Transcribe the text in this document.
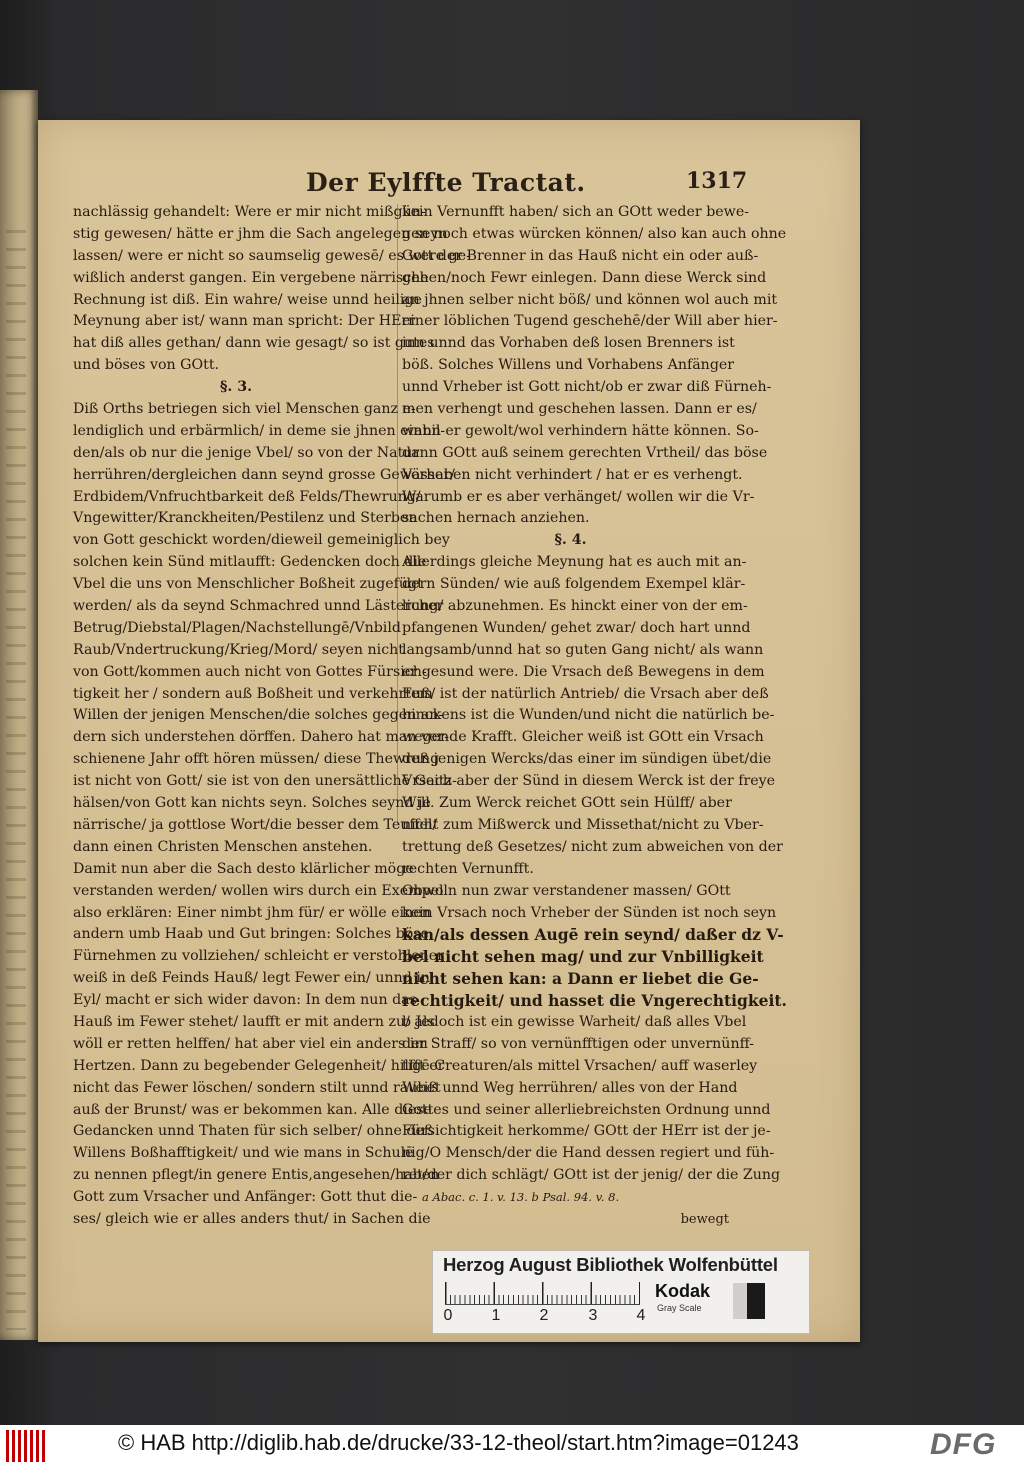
Der Eylffte Tractat.	1317
nachlässig gehandelt: Were er mir nicht mißgün-
stig gewesen/ hätte er jhm die Sach angelegen seyn
lassen/ were er nicht so saumselig gewesē/ es were ge-
wißlich anderst gangen. Ein vergebene närrische
Rechnung ist diß. Ein wahre/ weise unnd heilige
Meynung aber ist/ wann man spricht: Der HErr
hat diß alles gethan/ dann wie gesagt/ so ist gutes
und böses von GOtt.
§. 3.
Diß Orths betriegen sich viel Menschen ganz e-
lendiglich und erbärmlich/ in deme sie jhnen einbil-
den/als ob nur die jenige Vbel/ so von der Natur
herrühren/dergleichen dann seynd grosse Gewässer/
Erdbidem/Vnfruchtbarkeit deß Felds/Thewrung/
Vngewitter/Kranckheiten/Pestilenz und Sterben
von Gott geschickt worden/dieweil gemeiniglich bey
solchen kein Sünd mitlaufft: Gedencken doch die
Vbel die uns von Menschlicher Boßheit zugefügt
werden/ als da seynd Schmachred unnd Lästerung/
Betrug/Diebstal/Plagen/Nachstellungē/Vnbild
Raub/Vndertruckung/Krieg/Mord/ seyen nicht
von Gott/kommen auch nicht von Gottes Fürsich-
tigkeit her / sondern auß Boßheit und verkehrtem
Willen der jenigen Menschen/die solches gegen an-
dern sich understehen dörffen. Dahero hat man ver-
schienene Jahr offt hören müssen/ diese Thewrung
ist nicht von Gott/ sie ist von den unersättlichē Geitz-
hälsen/von Gott kan nichts seyn. Solches seynd je
närrische/ ja gottlose Wort/die besser dem Teuffel/
dann einen Christen Menschen anstehen.
Damit nun aber die Sach desto klärlicher möge
verstanden werden/ wollen wirs durch ein Exempel
also erklären: Einer nimbt jhm für/ er wölle einen
andern umb Haab und Gut bringen: Solches böse
Fürnehmen zu vollziehen/ schleicht er verstohlener
weiß in deß Feinds Hauß/ legt Fewer ein/ unnd in
Eyl/ macht er sich wider davon: In dem nun das
Hauß im Fewer stehet/ laufft er mit andern zu/ als
wöll er retten helffen/ hat aber viel ein anders im
Hertzen. Dann zu begebender Gelegenheit/ hilfft er
nicht das Fewer löschen/ sondern stilt unnd raubet
auß der Brunst/ was er bekommen kan. Alle diese
Gedancken unnd Thaten für sich selber/ ohne deß
Willens Boßhafftigkeit/ und wie mans in Schulē
zu nennen pflegt/in genere Entis,angesehen/haben
Gott zum Vrsacher und Anfänger: Gott thut die-
ses/ gleich wie er alles anders thut/ in Sachen die
kein Vernunfft haben/ sich an GOtt weder bewe-
gen noch etwas würcken können/ also kan auch ohne
Gott der Brenner in das Hauß nicht ein oder auß-
gehen/noch Fewr einlegen. Dann diese Werck sind
an jhnen selber nicht böß/ und können wol auch mit
einer löblichen Tugend geschehē/der Will aber hier-
inn unnd das Vorhaben deß losen Brenners ist
böß. Solches Willens und Vorhabens Anfänger
unnd Vrheber ist Gott nicht/ob er zwar diß Fürneh-
men verhengt und geschehen lassen. Dann er es/
wann er gewolt/wol verhindern hätte können. So-
dann GOtt auß seinem gerechten Vrtheil/ das böse
Vorhaben nicht verhindert / hat er es verhengt.
Warumb er es aber verhänget/ wollen wir die Vr-
sachen hernach anziehen.
§. 4.
Allerdings gleiche Meynung hat es auch mit an-
dern Sünden/ wie auß folgendem Exempel klär-
licher abzunehmen. Es hinckt einer von der em-
pfangenen Wunden/ gehet zwar/ doch hart unnd
langsamb/unnd hat so guten Gang nicht/ als wann
er gesund were. Die Vrsach deß Bewegens in dem
Fuß/ ist der natürlich Antrieb/ die Vrsach aber deß
hinckens ist die Wunden/und nicht die natürlich be-
wegende Krafft. Gleicher weiß ist GOtt ein Vrsach
deß jenigen Wercks/das einer im sündigen übet/die
Vrsach aber der Sünd in diesem Werck ist der freye
Will. Zum Werck reichet GOtt sein Hülff/ aber
nicht zum Mißwerck und Missethat/nicht zu Vber-
trettung deß Gesetzes/ nicht zum abweichen von der
rechten Vernunfft.
Obwoln nun zwar verstandener massen/ GOtt
kein Vrsach noch Vrheber der Sünden ist noch seyn
kan/als dessen Augē rein seynd/ daßer dz V-
bel nicht sehen mag/ und zur Vnbilligkeit
nicht sehen kan: a Dann er liebet die Ge-
rechtigkeit/ und hasset die Vngerechtigkeit.
b Jedoch ist ein gewisse Warheit/ daß alles Vbel
der Straff/ so von vernünfftigen oder unvernünff-
tigē Creaturen/als mittel Vrsachen/ auff waserley
Weiß unnd Weg herrühren/ alles von der Hand
Gottes und seiner allerliebreichsten Ordnung unnd
Fürsichtigkeit herkomme/ GOtt der HErr ist der je-
nig/O Mensch/der die Hand dessen regiert und füh-
ret/der dich schlägt/ GOtt ist der jenig/ der die Zung
a Abac. c. 1. v. 13. b Psal. 94. v. 8.
bewegt
Herzog August Bibliothek Wolfenbüttel
0 1 2	3 4
Kodak
Gray Scale
© HAB http://diglib.hab.de/drucke/33-12-theol/start.htm?image=01243	DFG
